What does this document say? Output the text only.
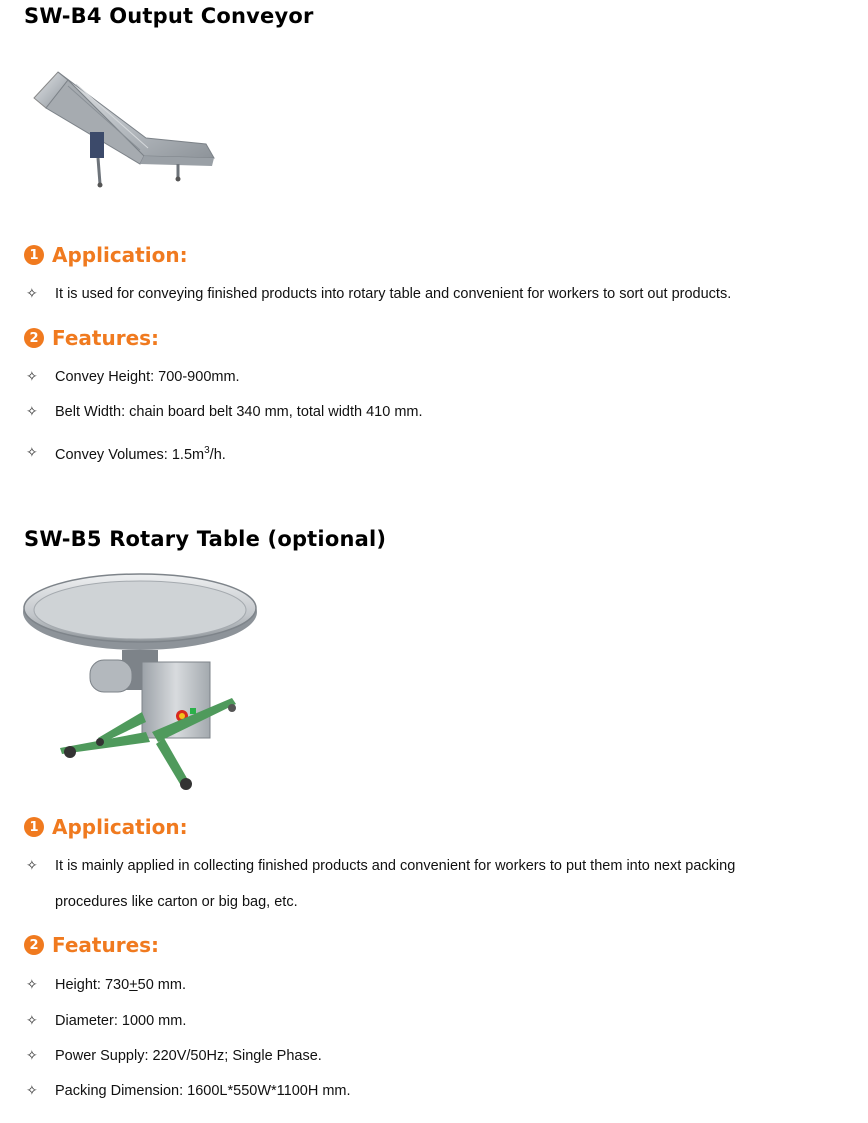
SW-B4 Output Conveyor
1 Application:
✧ It is used for conveying finished products into rotary table and convenient for workers to sort out products.
2 Features:
✧ Convey Height: 700-900mm.
✧ Belt Width: chain board belt 340 mm, total width 410 mm.
✧ Convey Volumes: $1.5m^3/h$.
SW-B5 Rotary Table (optional)
1 Application:
✧ It is mainly applied in collecting finished products and convenient for workers to put them into next packing
procedures like carton or big bag, etc.
2 Features:
✧ Height: 730+50 mm.
✧ Diameter: 1000 mm.
✧ Power Supply: 220V/50Hz; Single Phase.
✧ Packing Dimension: 1600L*550W*1100H mm.
